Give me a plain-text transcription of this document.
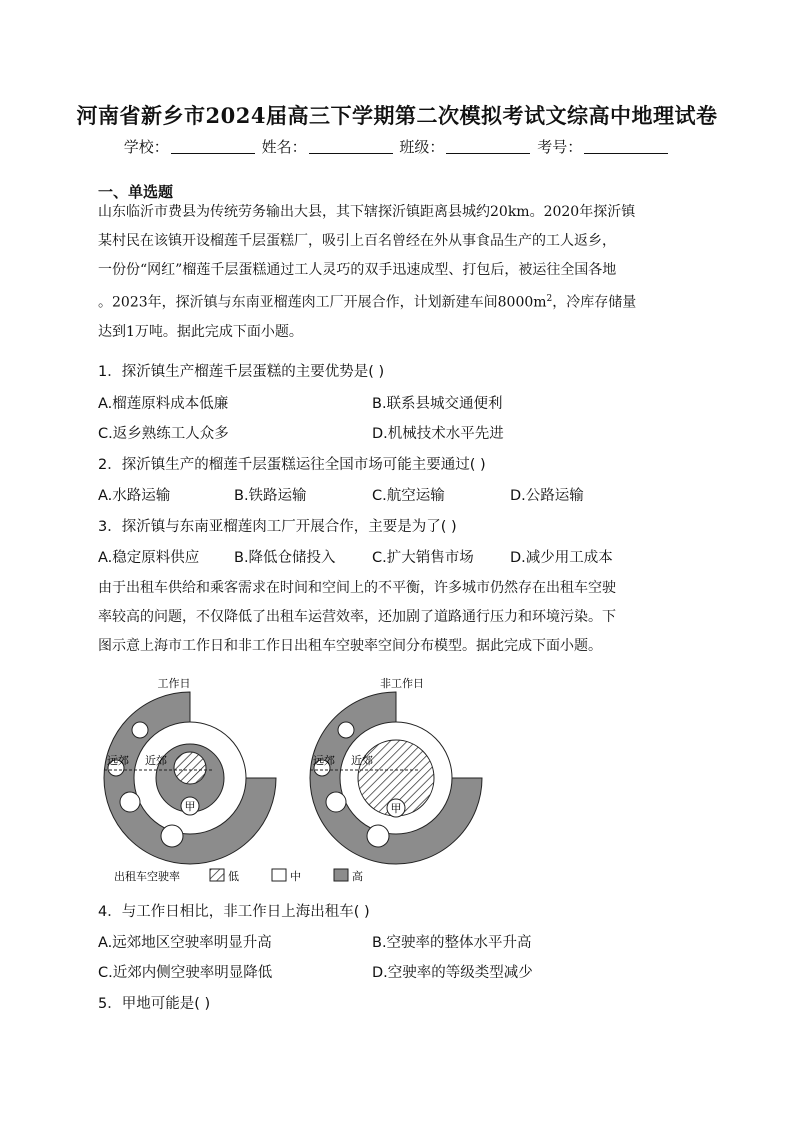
河南省新乡市2024届高三下学期第二次模拟考试文综高中地理试卷
学校：	姓名：	班级：	考号：
一、单选题
山东临沂市费县为传统劳务输出大县，其下辖探沂镇距离县城约20km。2020年探沂镇
某村民在该镇开设榴莲千层蛋糕厂，吸引上百名曾经在外从事食品生产的工人返乡，
一份份“网红”榴莲千层蛋糕通过工人灵巧的双手迅速成型、打包后，被运往全国各地
。2023年，探沂镇与东南亚榴莲肉工厂开展合作，计划新建车间$8000m^2$，冷库存储量
达到1万吨。据此完成下面小题。
1．探沂镇生产榴莲千层蛋糕的主要优势是( )
A.榴莲原料成本低廉	B.联系县城交通便利
C.返乡熟练工人众多	D.机械技术水平先进
2．探沂镇生产的榴莲千层蛋糕运往全国市场可能主要通过( )
A.水路运输	B.铁路运输	C.航空运输	D.公路运输
3．探沂镇与东南亚榴莲肉工厂开展合作，主要是为了( )
A.稳定原料供应 B.降低仓储投入	C.扩大销售市场	D.减少用工成本
由于出租车供给和乘客需求在时间和空间上的不平衡，许多城市仍然存在出租车空驶
率较高的问题，不仅降低了出租车运营效率，还加剧了道路通行压力和环境污染。下
图示意上海市工作日和非工作日出租车空驶率空间分布模型。据此完成下面小题。
工作日
甲
远郊 近郊
非工作日
甲
远郊 近郊
出租车空驶率	低	中	高
4．与工作日相比，非工作日上海出租车( )
A.远郊地区空驶率明显升高	B.空驶率的整体水平升高
C.近郊内侧空驶率明显降低	D.空驶率的等级类型减少
5．甲地可能是( )
